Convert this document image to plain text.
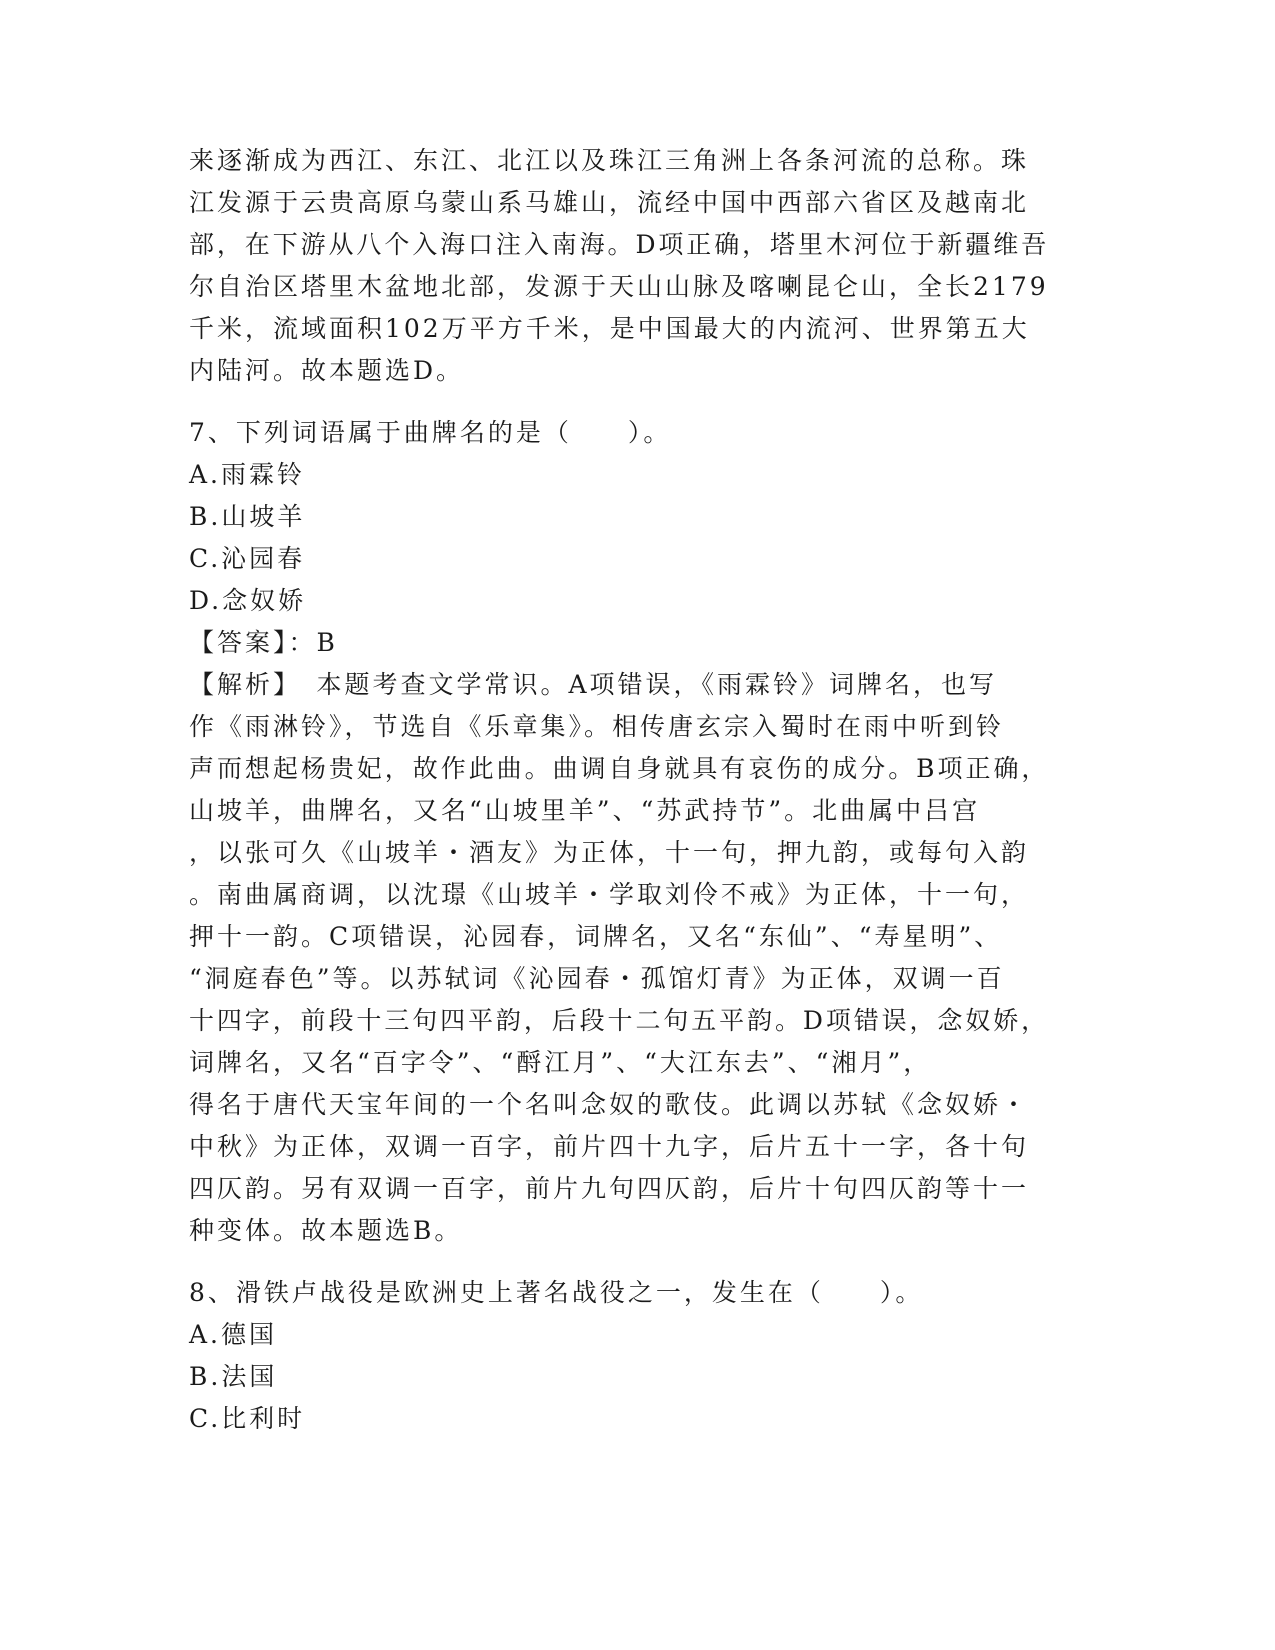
来逐渐成为西江、东江、北江以及珠江三角洲上各条河流的总称。珠
江发源于云贵高原乌蒙山系马雄山，流经中国中西部六省区及越南北
部，在下游从八个入海口注入南海。D项正确，塔里木河位于新疆维吾
尔自治区塔里木盆地北部，发源于天山山脉及喀喇昆仑山，全长2179
千米，流域面积102万平方千米，是中国最大的内流河、世界第五大
内陆河。故本题选D。
7、下列词语属于曲牌名的是（　　）。
A.雨霖铃
B.山坡羊
C.沁园春
D.念奴娇
【答案】：B
【解析】　本题考查文学常识。A项错误，《雨霖铃》词牌名，也写
作《雨淋铃》，节选自《乐章集》。相传唐玄宗入蜀时在雨中听到铃
声而想起杨贵妃，故作此曲。曲调自身就具有哀伤的成分。B项正确，
山坡羊，曲牌名，又名“山坡里羊”、“苏武持节”。北曲属中吕宫
，以张可久《山坡羊・酒友》为正体，十一句，押九韵，或每句入韵
。南曲属商调，以沈璟《山坡羊・学取刘伶不戒》为正体，十一句，
押十一韵。C项错误，沁园春，词牌名，又名“东仙”、“寿星明”、
“洞庭春色”等。以苏轼词《沁园春・孤馆灯青》为正体，双调一百
十四字，前段十三句四平韵，后段十二句五平韵。D项错误，念奴娇，
词牌名，又名“百字令”、“酹江月”、“大江东去”、“湘月”，
得名于唐代天宝年间的一个名叫念奴的歌伎。此调以苏轼《念奴娇・
中秋》为正体，双调一百字，前片四十九字，后片五十一字，各十句
四仄韵。另有双调一百字，前片九句四仄韵，后片十句四仄韵等十一
种变体。故本题选B。
8、滑铁卢战役是欧洲史上著名战役之一，发生在（　　）。
A.德国
B.法国
C.比利时
